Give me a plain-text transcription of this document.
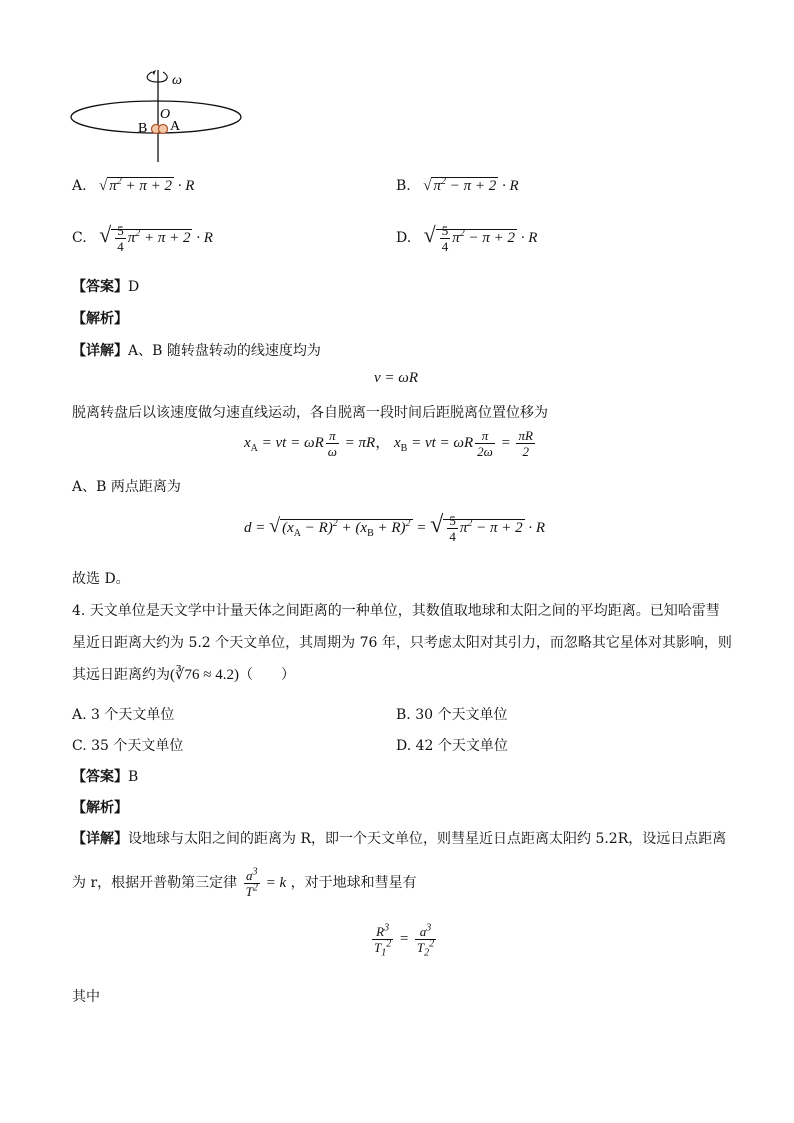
ω
O
B A
A. √ $\pi^2 + \pi + 2 \cdot R$	B. √ $\pi^2 - \pi + 2 \cdot R$
C. √ $\frac{5}{4} \pi^2 + \pi + 2 \cdot R$	D. √ $\frac{5}{4} \pi^2 - \pi + 2 \cdot R$
【答案】D
【解析】
【详解】A、B 随转盘转动的线速度均为
v = ωR
脱离转盘后以该速度做匀速直线运动，各自脱离一段时间后距脱离位置位移为
$x_A$ = vt = ωR $\frac{\pi}{\omega} = \pi R$， $x_B$ = vt = ωR $\frac{\pi}{2\omega} = \frac{\pi R}{2}$
A、B 两点距离为
d = √ $(x_A - R)^2 + (x_B + R)^2$ = √ $\frac{5}{4} \pi^2 - \pi + 2 \cdot R$
故选 D。
4. 天文单位是天文学中计量天体之间距离的一种单位，其数值取地球和太阳之间的平均距离。已知哈雷彗
星近日距离大约为 5.2 个天文单位，其周期为 76 年，只考虑太阳对其引力，而忽略其它星体对其影响，则
其远日距离约为(∛76 ≈ 4.2)（　　）
A. 3 个天文单位	B. 30 个天文单位
C. 35 个天文单位	D. 42 个天文单位
【答案】B
【解析】
【详解】设地球与太阳之间的距离为 R，即一个天文单位，则彗星近日点距离太阳约 5.2R，设远日点距离
为 r，根据开普勒第三定律 $\frac{a^3}{T^2} = k$ ，对于地球和彗星有
$\frac{R^3}{T_1^2} = \frac{a^3}{T_2^2}$
其中
